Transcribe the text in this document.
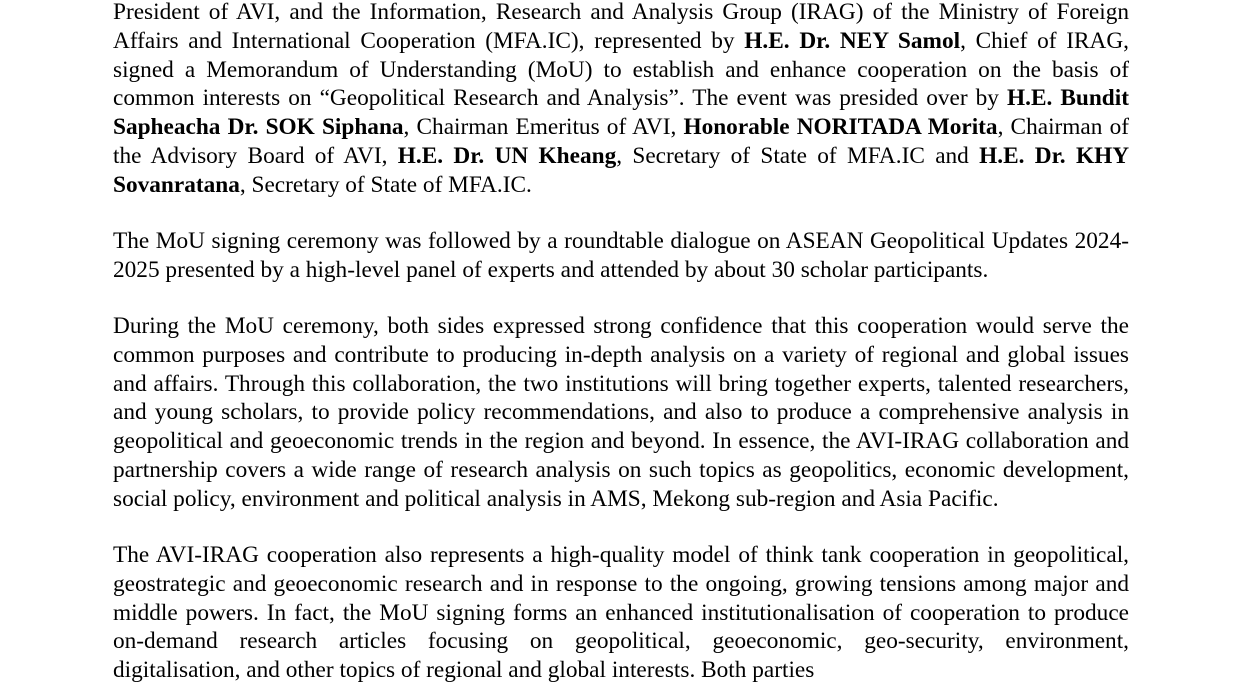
President of AVI, and the Information, Research and Analysis Group (IRAG) of the Ministry of Foreign Affairs and International Cooperation (MFA.IC), represented by H.E. Dr. NEY Samol, Chief of IRAG, signed a Memorandum of Understanding (MoU) to establish and enhance cooperation on the basis of common interests on “Geopolitical Research and Analysis”. The event was presided over by H.E. Bundit Sapheacha Dr. SOK Siphana, Chairman Emeritus of AVI, Honorable NORITADA Morita, Chairman of the Advisory Board of AVI, H.E. Dr. UN Kheang, Secretary of State of MFA.IC and H.E. Dr. KHY Sovanratana, Secretary of State of MFA.IC.

The MoU signing ceremony was followed by a roundtable dialogue on ASEAN Geopolitical Updates 2024-2025 presented by a high-level panel of experts and attended by about 30 scholar participants.

During the MoU ceremony, both sides expressed strong confidence that this cooperation would serve the common purposes and contribute to producing in-depth analysis on a variety of regional and global issues and affairs. Through this collaboration, the two institutions will bring together experts, talented researchers, and young scholars, to provide policy recommendations, and also to produce a comprehensive analysis in geopolitical and geoeconomic trends in the region and beyond. In essence, the AVI-IRAG collaboration and partnership covers a wide range of research analysis on such topics as geopolitics, economic development, social policy, environment and political analysis in AMS, Mekong sub-region and Asia Pacific.

The AVI-IRAG cooperation also represents a high-quality model of think tank cooperation in geopolitical, geostrategic and geoeconomic research and in response to the ongoing, growing tensions among major and middle powers. In fact, the MoU signing forms an enhanced institutionalisation of cooperation to produce on-demand research articles focusing on geopolitical, geoeconomic, geo-security, environment, digitalisation, and other topics of regional and global interests. Both parties
